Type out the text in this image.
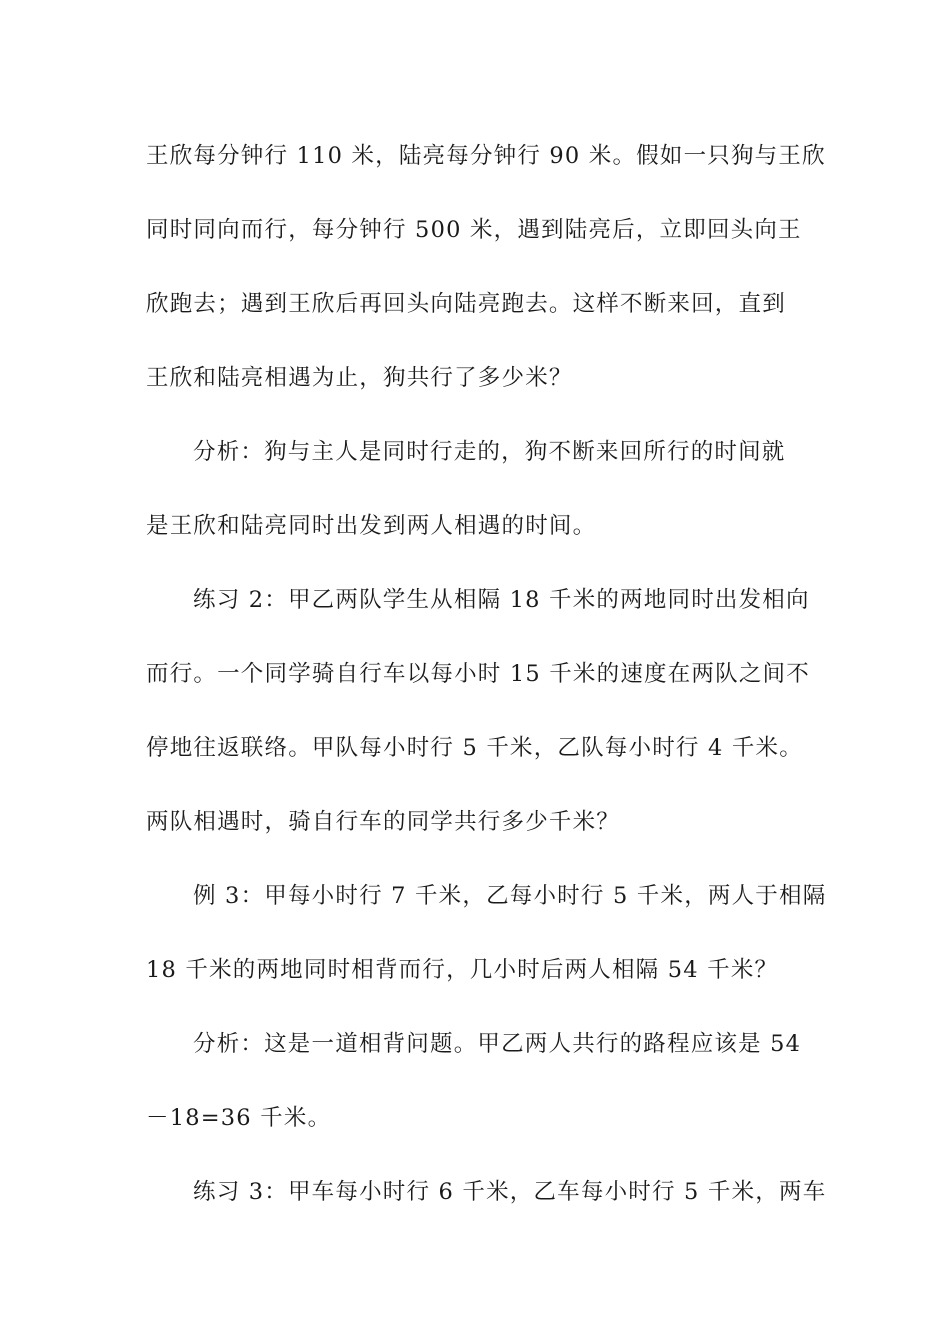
王欣每分钟行 110 米，陆亮每分钟行 90 米。假如一只狗与王欣
同时同向而行，每分钟行 500 米，遇到陆亮后，立即回头向王
欣跑去；遇到王欣后再回头向陆亮跑去。这样不断来回，直到
王欣和陆亮相遇为止，狗共行了多少米？
分析：狗与主人是同时行走的，狗不断来回所行的时间就
是王欣和陆亮同时出发到两人相遇的时间。
练习 2：甲乙两队学生从相隔 18 千米的两地同时出发相向
而行。一个同学骑自行车以每小时 15 千米的速度在两队之间不
停地往返联络。甲队每小时行 5 千米，乙队每小时行 4 千米。
两队相遇时，骑自行车的同学共行多少千米？
例 3：甲每小时行 7 千米，乙每小时行 5 千米，两人于相隔
18 千米的两地同时相背而行，几小时后两人相隔 54 千米？
分析：这是一道相背问题。甲乙两人共行的路程应该是 54
－18=36 千米。
练习 3：甲车每小时行 6 千米，乙车每小时行 5 千米，两车
